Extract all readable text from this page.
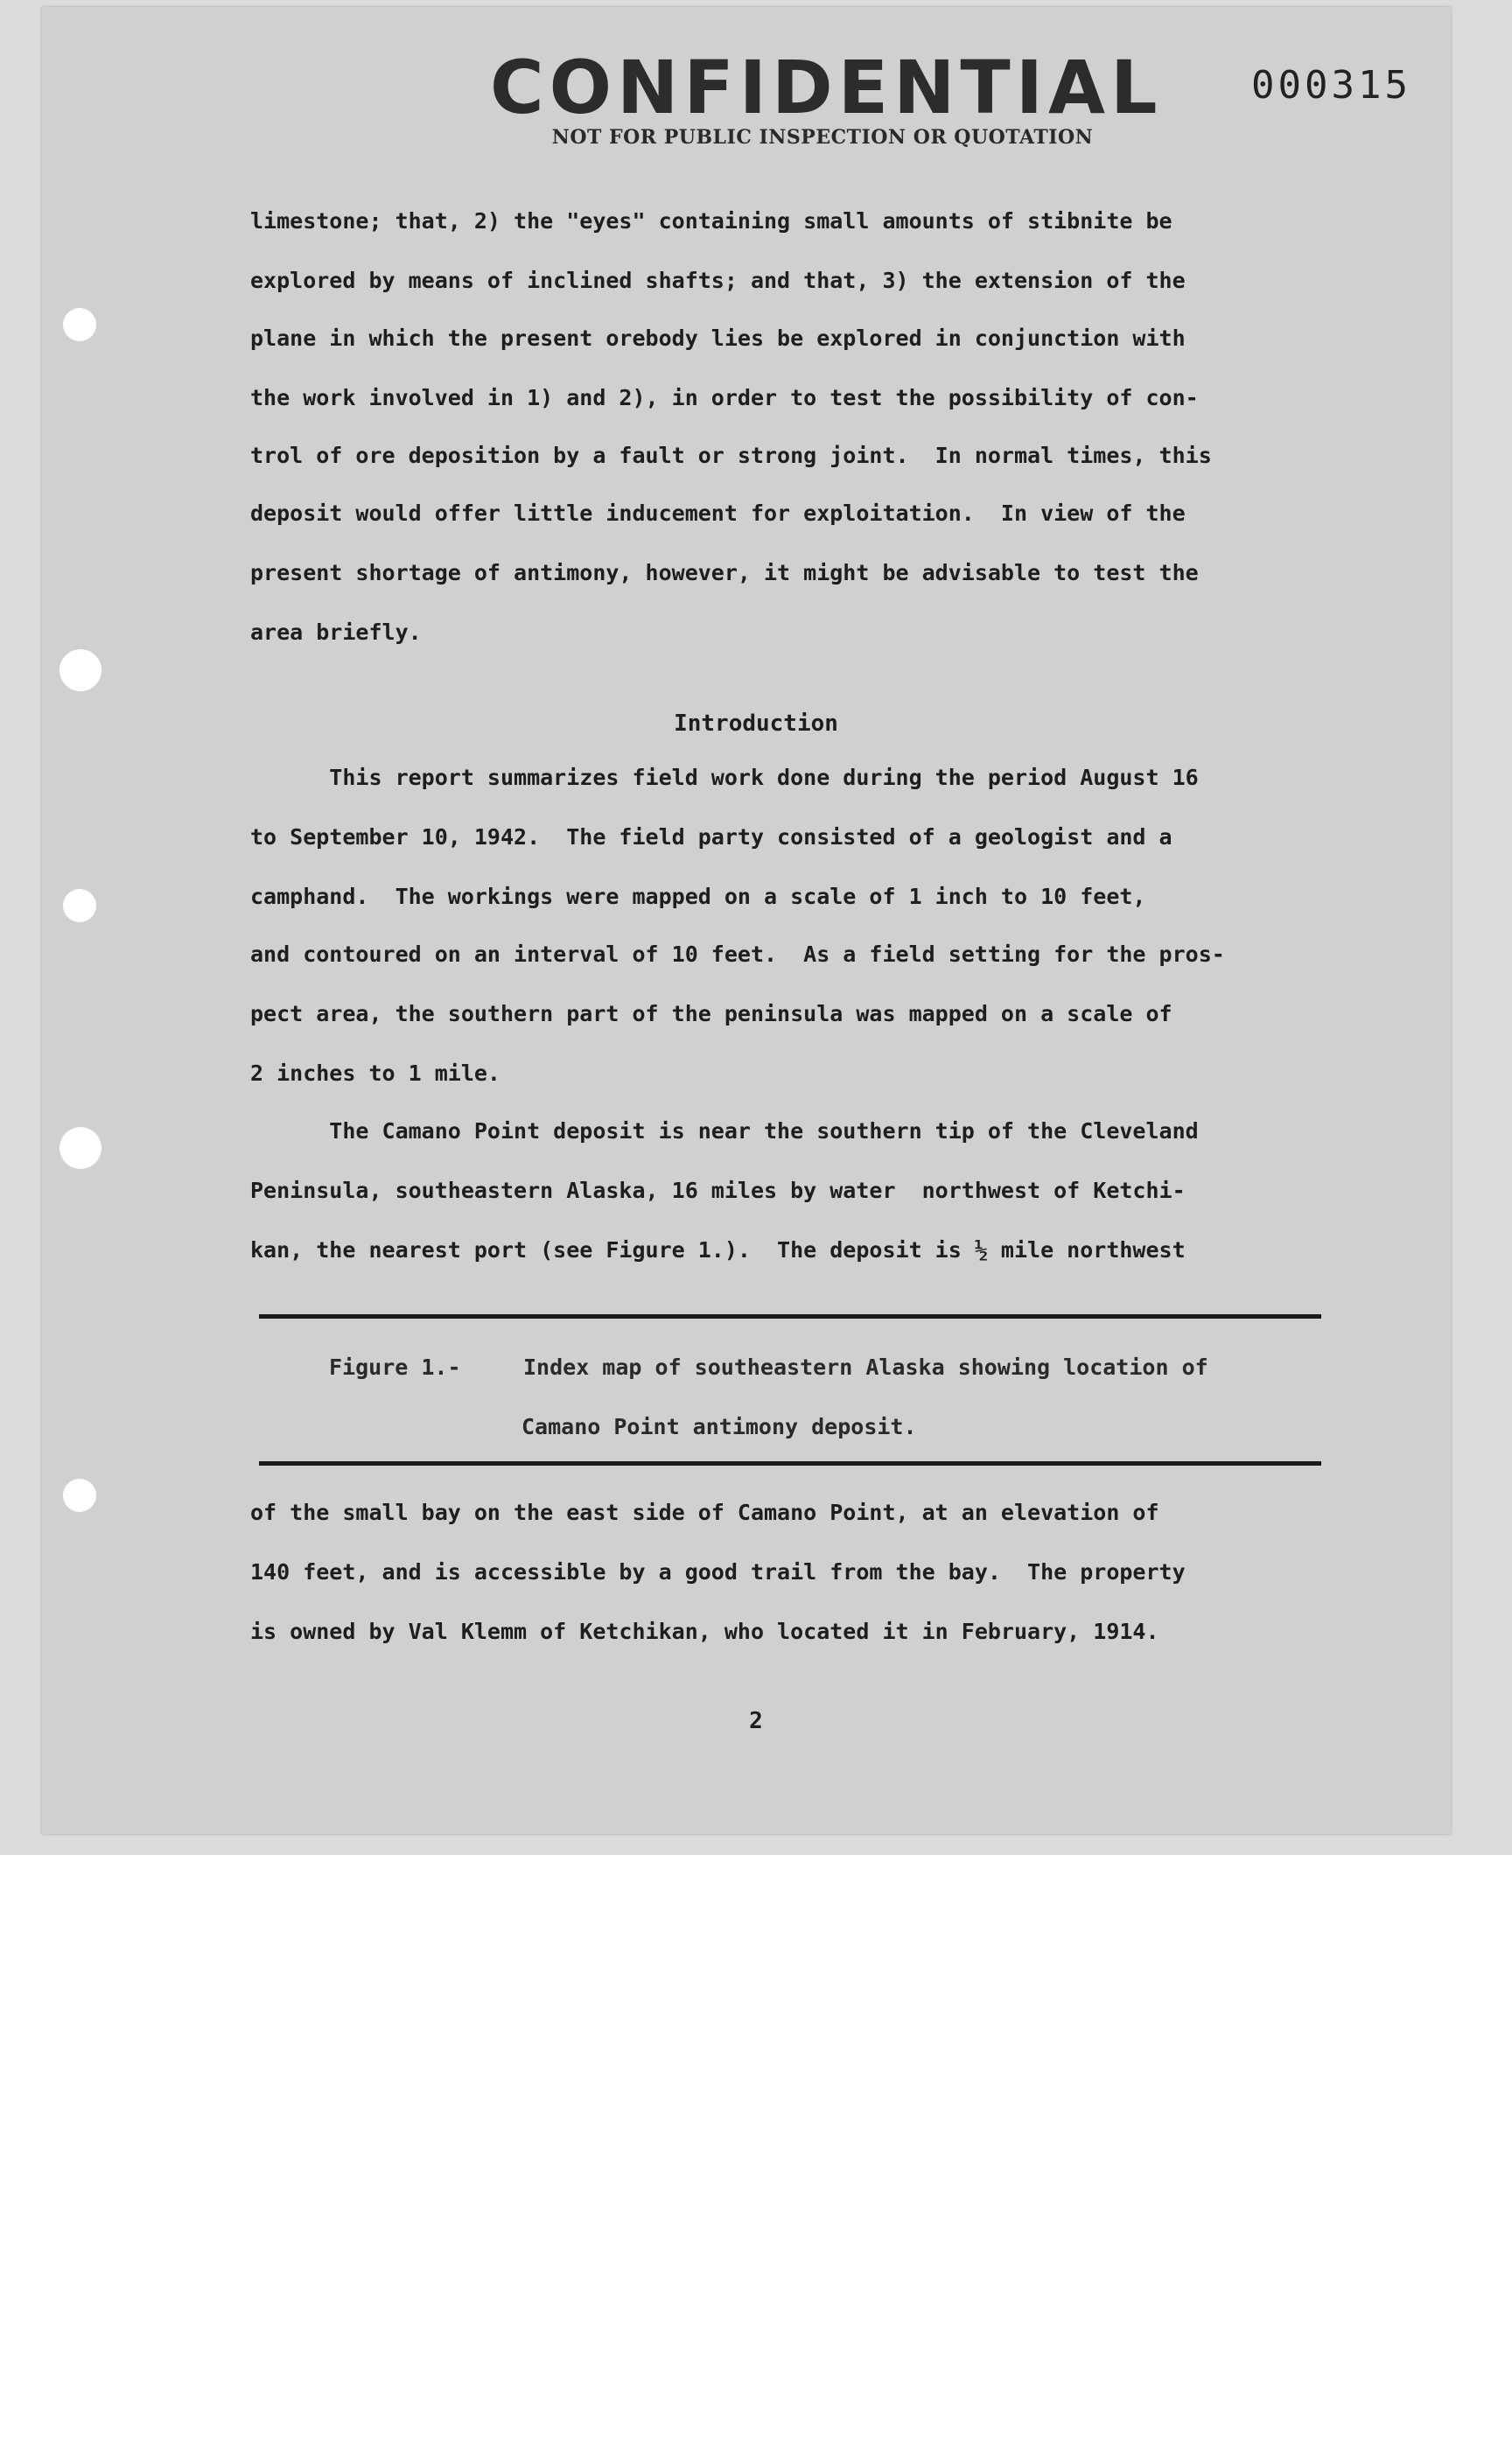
CONFIDENTIAL
NOT FOR PUBLIC INSPECTION OR QUOTATION
000315
limestone; that, 2) the "eyes" containing small amounts of stibnite be
explored by means of inclined shafts; and that, 3) the extension of the
plane in which the present orebody lies be explored in conjunction with
the work involved in 1) and 2), in order to test the possibility of con-
trol of ore deposition by a fault or strong joint.  In normal times, this
deposit would offer little inducement for exploitation.  In view of the
present shortage of antimony, however, it might be advisable to test the
area briefly.
Introduction
This report summarizes field work done during the period August 16
to September 10, 1942.  The field party consisted of a geologist and a
camphand.  The workings were mapped on a scale of 1 inch to 10 feet,
and contoured on an interval of 10 feet.  As a field setting for the pros-
pect area, the southern part of the peninsula was mapped on a scale of
2 inches to 1 mile.
The Camano Point deposit is near the southern tip of the Cleveland
Peninsula, southeastern Alaska, 16 miles by water  northwest of Ketchi-
kan, the nearest port (see Figure 1.).  The deposit is ½ mile northwest
Figure 1.-	Index map of southeastern Alaska showing location of
Camano Point antimony deposit.
of the small bay on the east side of Camano Point, at an elevation of
140 feet, and is accessible by a good trail from the bay.  The property
is owned by Val Klemm of Ketchikan, who located it in February, 1914.
2
